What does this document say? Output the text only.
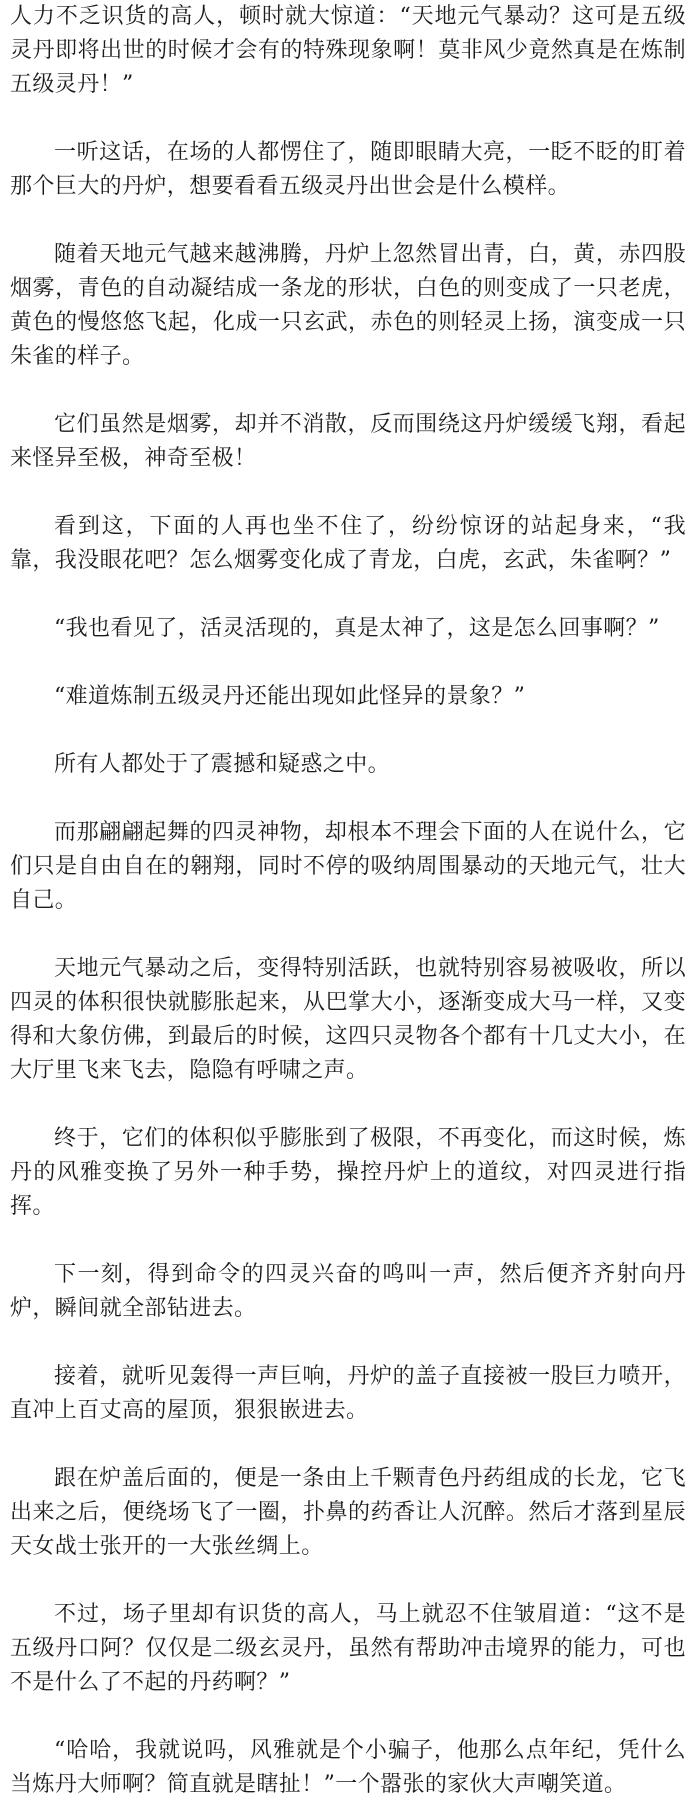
人力不乏识货的高人，顿时就大惊道：“天地元气暴动？这可是五级灵丹即将出世的时候才会有的特殊现象啊！莫非风少竟然真是在炼制五级灵丹！”

一听这话，在场的人都愣住了，随即眼睛大亮，一眨不眨的盯着那个巨大的丹炉，想要看看五级灵丹出世会是什么模样。

随着天地元气越来越沸腾，丹炉上忽然冒出青，白，黄，赤四股烟雾，青色的自动凝结成一条龙的形状，白色的则变成了一只老虎，黄色的慢悠悠飞起，化成一只玄武，赤色的则轻灵上扬，演变成一只朱雀的样子。

它们虽然是烟雾，却并不消散，反而围绕这丹炉缓缓飞翔，看起来怪异至极，神奇至极！

看到这，下面的人再也坐不住了，纷纷惊讶的站起身来，“我靠，我没眼花吧？怎么烟雾变化成了青龙，白虎，玄武，朱雀啊？”

“我也看见了，活灵活现的，真是太神了，这是怎么回事啊？”

“难道炼制五级灵丹还能出现如此怪异的景象？”

所有人都处于了震撼和疑惑之中。

而那翩翩起舞的四灵神物，却根本不理会下面的人在说什么，它们只是自由自在的翱翔，同时不停的吸纳周围暴动的天地元气，壮大自己。

天地元气暴动之后，变得特别活跃，也就特别容易被吸收，所以四灵的体积很快就膨胀起来，从巴掌大小，逐渐变成大马一样，又变得和大象仿佛，到最后的时候，这四只灵物各个都有十几丈大小，在大厅里飞来飞去，隐隐有呼啸之声。

终于，它们的体积似乎膨胀到了极限，不再变化，而这时候，炼丹的风雅变换了另外一种手势，操控丹炉上的道纹，对四灵进行指挥。

下一刻，得到命令的四灵兴奋的鸣叫一声，然后便齐齐射向丹炉，瞬间就全部钻进去。

接着，就听见轰得一声巨响，丹炉的盖子直接被一股巨力喷开，直冲上百丈高的屋顶，狠狠嵌进去。

跟在炉盖后面的，便是一条由上千颗青色丹药组成的长龙，它飞出来之后，便绕场飞了一圈，扑鼻的药香让人沉醉。然后才落到星辰天女战士张开的一大张丝绸上。

不过，场子里却有识货的高人，马上就忍不住皱眉道：“这不是五级丹口阿？仅仅是二级玄灵丹，虽然有帮助冲击境界的能力，可也不是什么了不起的丹药啊？”

“哈哈，我就说吗，风雅就是个小骗子，他那么点年纪，凭什么当炼丹大师啊？简直就是瞎扯！”一个嚣张的家伙大声嘲笑道。
